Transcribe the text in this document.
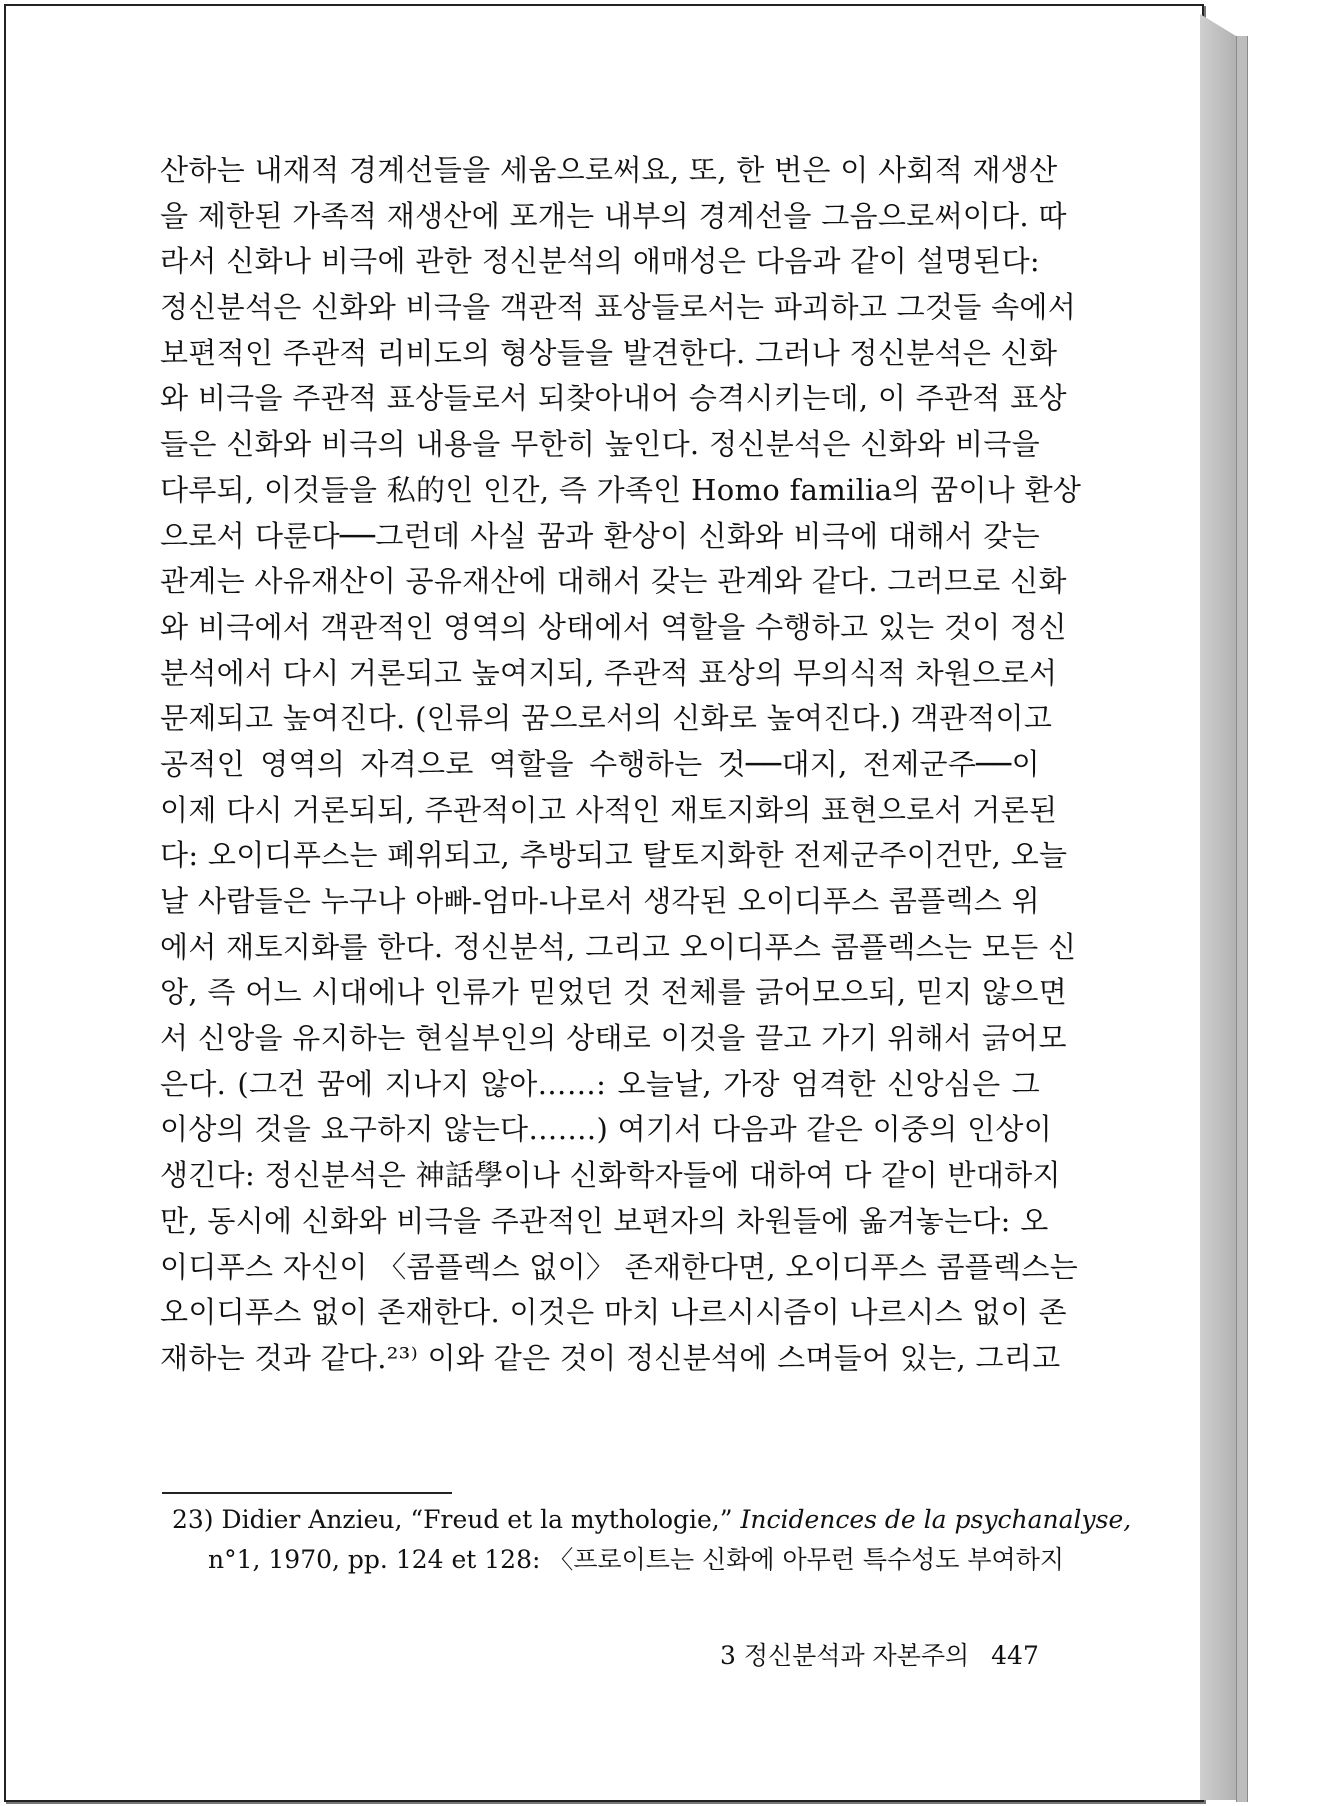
산하는 내재적 경계선들을 세움으로써요, 또, 한 번은 이 사회적 재생산
을 제한된 가족적 재생산에 포개는 내부의 경계선을 그음으로써이다. 따
라서 신화나 비극에 관한 정신분석의 애매성은 다음과 같이 설명된다:
정신분석은 신화와 비극을 객관적 표상들로서는 파괴하고 그것들 속에서
보편적인 주관적 리비도의 형상들을 발견한다. 그러나 정신분석은 신화
와 비극을 주관적 표상들로서 되찾아내어 승격시키는데, 이 주관적 표상
들은 신화와 비극의 내용을 무한히 높인다. 정신분석은 신화와 비극을
다루되, 이것들을 私的인 인간, 즉 가족인 Homo familia의 꿈이나 환상
으로서 다룬다──그런데 사실 꿈과 환상이 신화와 비극에 대해서 갖는
관계는 사유재산이 공유재산에 대해서 갖는 관계와 같다. 그러므로 신화
와 비극에서 객관적인 영역의 상태에서 역할을 수행하고 있는 것이 정신
분석에서 다시 거론되고 높여지되, 주관적 표상의 무의식적 차원으로서
문제되고 높여진다. (인류의 꿈으로서의 신화로 높여진다.) 객관적이고
공적인 영역의 자격으로 역할을 수행하는 것──대지, 전제군주──이
이제 다시 거론되되, 주관적이고 사적인 재토지화의 표현으로서 거론된
다: 오이디푸스는 폐위되고, 추방되고 탈토지화한 전제군주이건만, 오늘
날 사람들은 누구나 아빠-엄마-나로서 생각된 오이디푸스 콤플렉스 위
에서 재토지화를 한다. 정신분석, 그리고 오이디푸스 콤플렉스는 모든 신
앙, 즉 어느 시대에나 인류가 믿었던 것 전체를 긁어모으되, 믿지 않으면
서 신앙을 유지하는 현실부인의 상태로 이것을 끌고 가기 위해서 긁어모
은다. (그건 꿈에 지나지 않아……: 오늘날, 가장 엄격한 신앙심은 그
이상의 것을 요구하지 않는다…….) 여기서 다음과 같은 이중의 인상이
생긴다: 정신분석은 神話學이나 신화학자들에 대하여 다 같이 반대하지
만, 동시에 신화와 비극을 주관적인 보편자의 차원들에 옮겨놓는다: 오
이디푸스 자신이 〈콤플렉스 없이〉 존재한다면, 오이디푸스 콤플렉스는
오이디푸스 없이 존재한다. 이것은 마치 나르시시즘이 나르시스 없이 존
재하는 것과 같다.²³⁾ 이와 같은 것이 정신분석에 스며들어 있는, 그리고
23) Didier Anzieu, “Freud et la mythologie,” Incidences de la psychanalyse,
n°1, 1970, pp. 124 et 128: 〈프로이트는 신화에 아무런 특수성도 부여하지
3 정신분석과 자본주의 447
